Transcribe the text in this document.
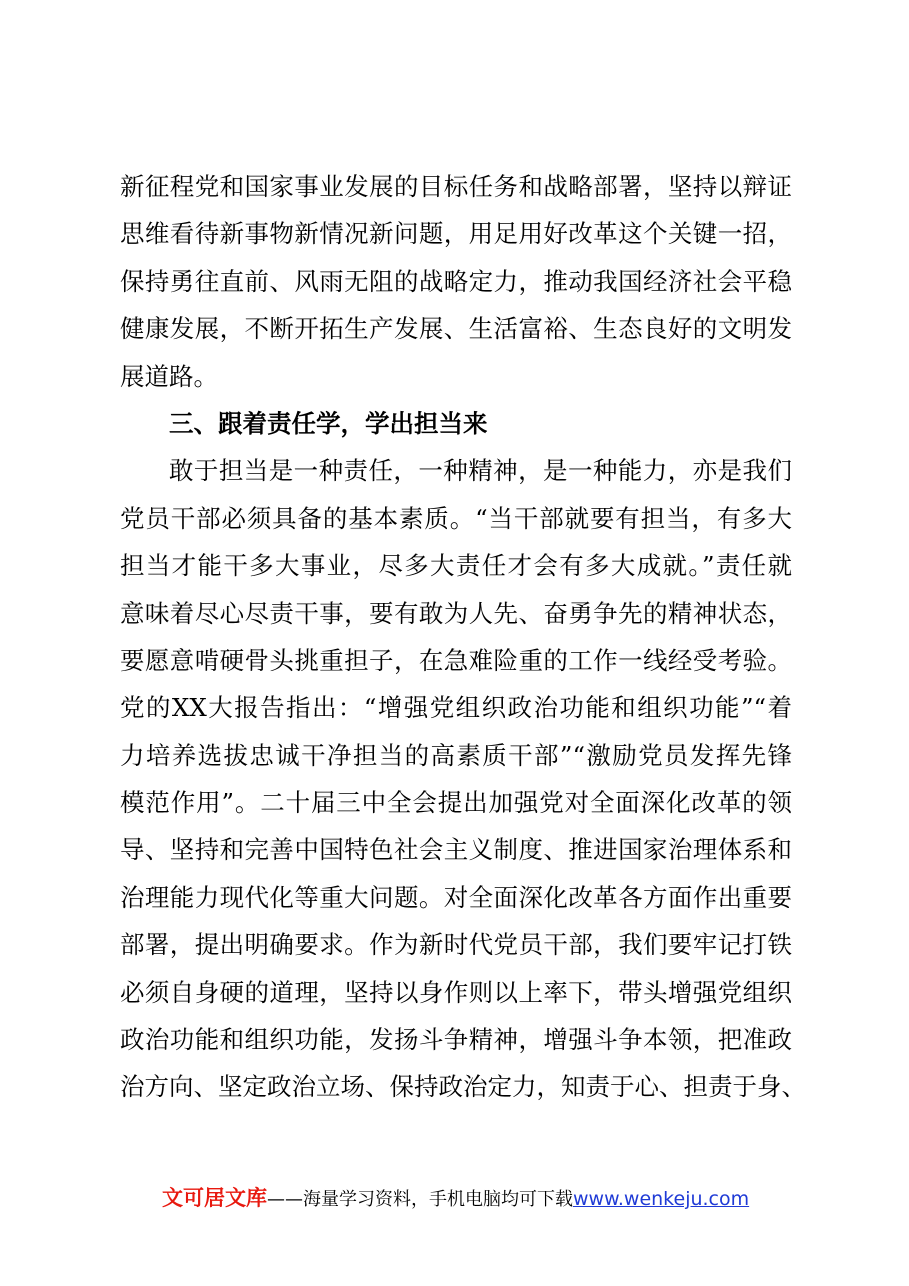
新征程党和国家事业发展的目标任务和战略部署，坚持以辩证
思维看待新事物新情况新问题，用足用好改革这个关键一招，
保持勇往直前、风雨无阻的战略定力，推动我国经济社会平稳
健康发展，不断开拓生产发展、生活富裕、生态良好的文明发
展道路。
三、跟着责任学，学出担当来
敢于担当是一种责任，一种精神，是一种能力，亦是我们
党员干部必须具备的基本素质。“当干部就要有担当，有多大
担当才能干多大事业，尽多大责任才会有多大成就。”责任就
意味着尽心尽责干事，要有敢为人先、奋勇争先的精神状态，
要愿意啃硬骨头挑重担子，在急难险重的工作一线经受考验。
党的XX大报告指出：“增强党组织政治功能和组织功能”“着
力培养选拔忠诚干净担当的高素质干部”“激励党员发挥先锋
模范作用”。二十届三中全会提出加强党对全面深化改革的领
导、坚持和完善中国特色社会主义制度、推进国家治理体系和
治理能力现代化等重大问题。对全面深化改革各方面作出重要
部署，提出明确要求。作为新时代党员干部，我们要牢记打铁
必须自身硬的道理，坚持以身作则以上率下，带头增强党组织
政治功能和组织功能，发扬斗争精神，增强斗争本领，把准政
治方向、坚定政治立场、保持政治定力，知责于心、担责于身、
文可居文库——海量学习资料，手机电脑均可下载www.wenkeju.com
